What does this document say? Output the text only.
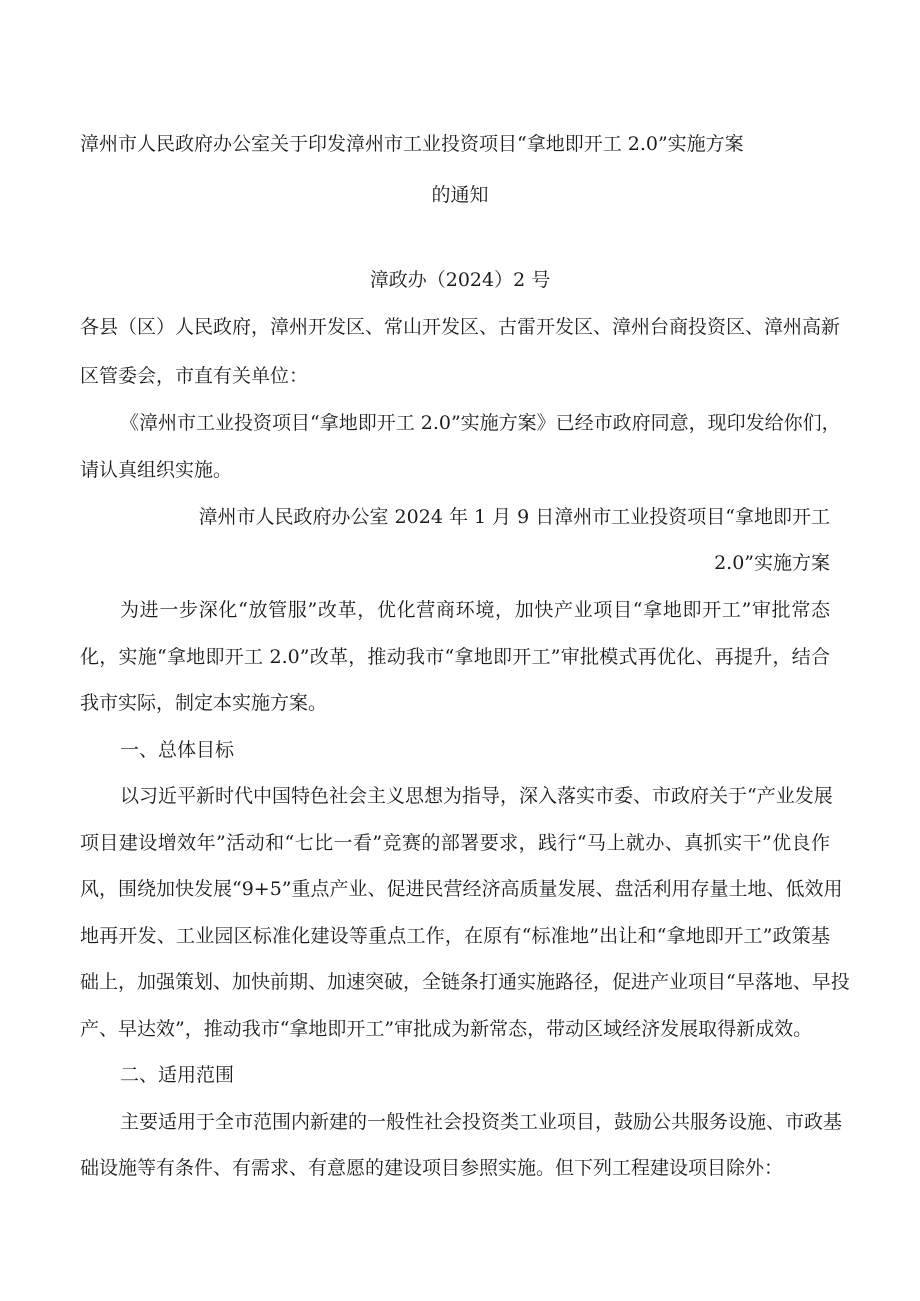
漳州市人民政府办公室关于印发漳州市工业投资项目“拿地即开工 2.0”实施方案
的通知
漳政办（2024）2 号
各县（区）人民政府，漳州开发区、常山开发区、古雷开发区、漳州台商投资区、漳州高新
区管委会，市直有关单位：
《漳州市工业投资项目“拿地即开工 2.0”实施方案》已经市政府同意，现印发给你们，
请认真组织实施。
漳州市人民政府办公室 2024 年 1 月 9 日漳州市工业投资项目“拿地即开工
2.0”实施方案
为进一步深化“放管服”改革，优化营商环境，加快产业项目“拿地即开工”审批常态
化，实施“拿地即开工 2.0”改革，推动我市“拿地即开工”审批模式再优化、再提升，结合
我市实际，制定本实施方案。
一、总体目标
以习近平新时代中国特色社会主义思想为指导，深入落实市委、市政府关于“产业发展
项目建设增效年”活动和“七比一看”竞赛的部署要求，践行“马上就办、真抓实干”优良作
风，围绕加快发展“9+5”重点产业、促进民营经济高质量发展、盘活利用存量土地、低效用
地再开发、工业园区标准化建设等重点工作，在原有“标准地”出让和“拿地即开工”政策基
础上，加强策划、加快前期、加速突破，全链条打通实施路径，促进产业项目“早落地、早投
产、早达效”，推动我市“拿地即开工”审批成为新常态，带动区域经济发展取得新成效。
二、适用范围
主要适用于全市范围内新建的一般性社会投资类工业项目，鼓励公共服务设施、市政基
础设施等有条件、有需求、有意愿的建设项目参照实施。但下列工程建设项目除外：
